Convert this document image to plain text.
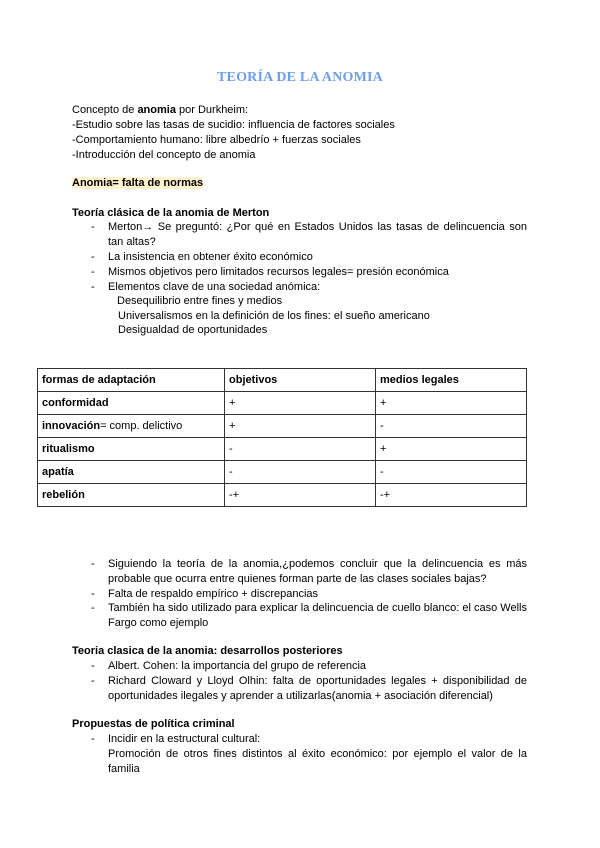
TEORÍA DE LA ANOMIA
Concepto de anomia por Durkheim:
-Estudio sobre las tasas de sucidio: influencia de factores sociales
-Comportamiento humano: libre albedrío + fuerzas sociales
-Introducción del concepto de anomia
Anomia= falta de normas
Teoría clásica de la anomia de Merton
- Merton→ Se preguntó: ¿Por qué en Estados Unidos las tasas de delincuencia son tan altas?
- La insistencia en obtener éxito económico
- Mismos objetivos pero limitados recursos legales= presión económica
- Elementos clave de una sociedad anómica:
Desequilibrio entre fines y medios
Universalismos en la definición de los fines: el sueño americano
Desigualdad de oportunidades
formas de adaptación	objetivos	medios legales
conformidad	+	+
innovación= comp. delictivo	+	-
ritualismo	-	+
apatía	-	-
rebelión	-+	-+
- Siguiendo la teoría de la anomia,¿podemos concluir que la delincuencia es más probable que ocurra entre quienes forman parte de las clases sociales bajas?
- Falta de respaldo empírico + discrepancias
- También ha sido utilizado para explicar la delincuencia de cuello blanco: el caso Wells Fargo como ejemplo
Teoria clasica de la anomia: desarrollos posteriores
- Albert. Cohen: la importancia del grupo de referencia
- Richard Cloward y Lloyd Olhin: falta de oportunidades legales + disponibilidad de oportunidades ilegales y aprender a utilizarlas(anomia + asociación diferencial)
Propuestas de política criminal
- Incidir en la estructural cultural:
Promoción de otros fines distintos al éxito económico: por ejemplo el valor de la familia
